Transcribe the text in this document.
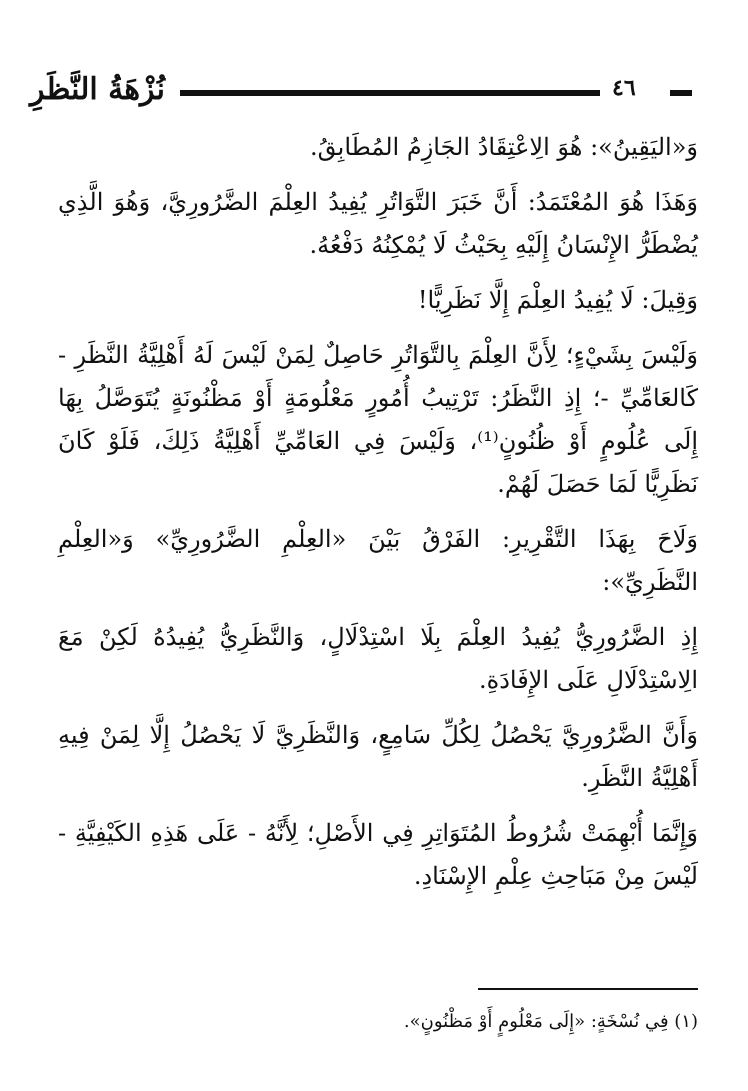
نُزْهَةُ النَّظَرِ	٤٦

وَ«اليَقِينُ»: هُوَ الِاعْتِقَادُ الجَازِمُ المُطَابِقُ.

وَهَذَا هُوَ المُعْتَمَدُ: أَنَّ خَبَرَ التَّوَاتُرِ يُفِيدُ العِلْمَ الضَّرُورِيَّ، وَهُوَ الَّذِي يُضْطَرُّ الإِنْسَانُ إِلَيْهِ بِحَيْثُ لَا يُمْكِنُهُ دَفْعُهُ.

وَقِيلَ: لَا يُفِيدُ العِلْمَ إِلَّا نَظَرِيًّا!

وَلَيْسَ بِشَيْءٍ؛ لِأَنَّ العِلْمَ بِالتَّوَاتُرِ حَاصِلٌ لِمَنْ لَيْسَ لَهُ أَهْلِيَّةُ النَّظَرِ - كَالعَامِّيِّ -؛ إِذِ النَّظَرُ: تَرْتِيبُ أُمُورٍ مَعْلُومَةٍ أَوْ مَظْنُونَةٍ يُتَوَصَّلُ بِهَا إِلَى عُلُومٍ أَوْ ظُنُونٍ⁽¹⁾، وَلَيْسَ فِي العَامِّيِّ أَهْلِيَّةُ ذَلِكَ، فَلَوْ كَانَ نَظَرِيًّا لَمَا حَصَلَ لَهُمْ.

وَلَاحَ بِهَذَا التَّقْرِيرِ: الفَرْقُ بَيْنَ «العِلْمِ الضَّرُورِيِّ» وَ«العِلْمِ النَّظَرِيِّ»:

إِذِ الضَّرُورِيُّ يُفِيدُ العِلْمَ بِلَا اسْتِدْلَالٍ، وَالنَّظَرِيُّ يُفِيدُهُ لَكِنْ مَعَ الِاسْتِدْلَالِ عَلَى الإِفَادَةِ.

وَأَنَّ الضَّرُورِيَّ يَحْصُلُ لِكُلِّ سَامِعٍ، وَالنَّظَرِيَّ لَا يَحْصُلُ إِلَّا لِمَنْ فِيهِ أَهْلِيَّةُ النَّظَرِ.

وَإِنَّمَا أُبْهِمَتْ شُرُوطُ المُتَوَاتِرِ فِي الأَصْلِ؛ لِأَنَّهُ - عَلَى هَذِهِ الكَيْفِيَّةِ - لَيْسَ مِنْ مَبَاحِثِ عِلْمِ الإِسْنَادِ.

(١) فِي نُسْخَةٍ: «إِلَى مَعْلُومٍ أَوْ مَظْنُونٍ».
